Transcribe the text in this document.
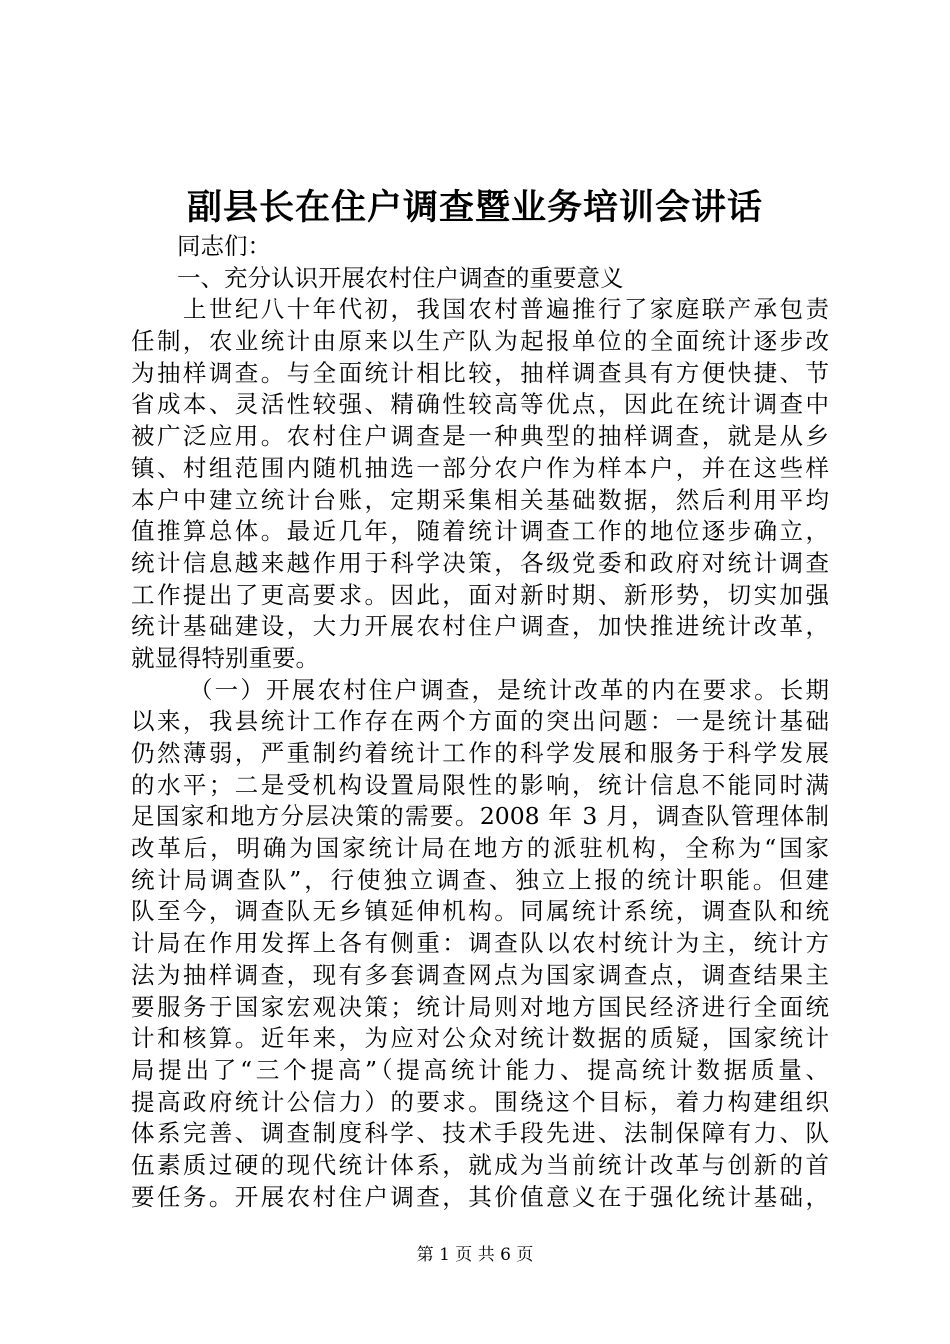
副县长在住户调查暨业务培训会讲话
同志们：
一、充分认识开展农村住户调查的重要意义
上世纪八十年代初，我国农村普遍推行了家庭联产承包责
任制，农业统计由原来以生产队为起报单位的全面统计逐步改
为抽样调查。与全面统计相比较，抽样调查具有方便快捷、节
省成本、灵活性较强、精确性较高等优点，因此在统计调查中
被广泛应用。农村住户调查是一种典型的抽样调查，就是从乡
镇、村组范围内随机抽选一部分农户作为样本户，并在这些样
本户中建立统计台账，定期采集相关基础数据，然后利用平均
值推算总体。最近几年，随着统计调查工作的地位逐步确立，
统计信息越来越作用于科学决策，各级党委和政府对统计调查
工作提出了更高要求。因此，面对新时期、新形势，切实加强
统计基础建设，大力开展农村住户调查，加快推进统计改革，
就显得特别重要。
（一）开展农村住户调查，是统计改革的内在要求。长期
以来，我县统计工作存在两个方面的突出问题：一是统计基础
仍然薄弱，严重制约着统计工作的科学发展和服务于科学发展
的水平；二是受机构设置局限性的影响，统计信息不能同时满
足国家和地方分层决策的需要。2008 年 3 月，调查队管理体制
改革后，明确为国家统计局在地方的派驻机构，全称为“国家
统计局调查队”，行使独立调查、独立上报的统计职能。但建
队至今，调查队无乡镇延伸机构。同属统计系统，调查队和统
计局在作用发挥上各有侧重：调查队以农村统计为主，统计方
法为抽样调查，现有多套调查网点为国家调查点，调查结果主
要服务于国家宏观决策；统计局则对地方国民经济进行全面统
计和核算。近年来，为应对公众对统计数据的质疑，国家统计
局提出了“三个提高”（提高统计能力、提高统计数据质量、
提高政府统计公信力）的要求。围绕这个目标，着力构建组织
体系完善、调查制度科学、技术手段先进、法制保障有力、队
伍素质过硬的现代统计体系，就成为当前统计改革与创新的首
要任务。开展农村住户调查，其价值意义在于强化统计基础，
第 1 页 共 6 页
